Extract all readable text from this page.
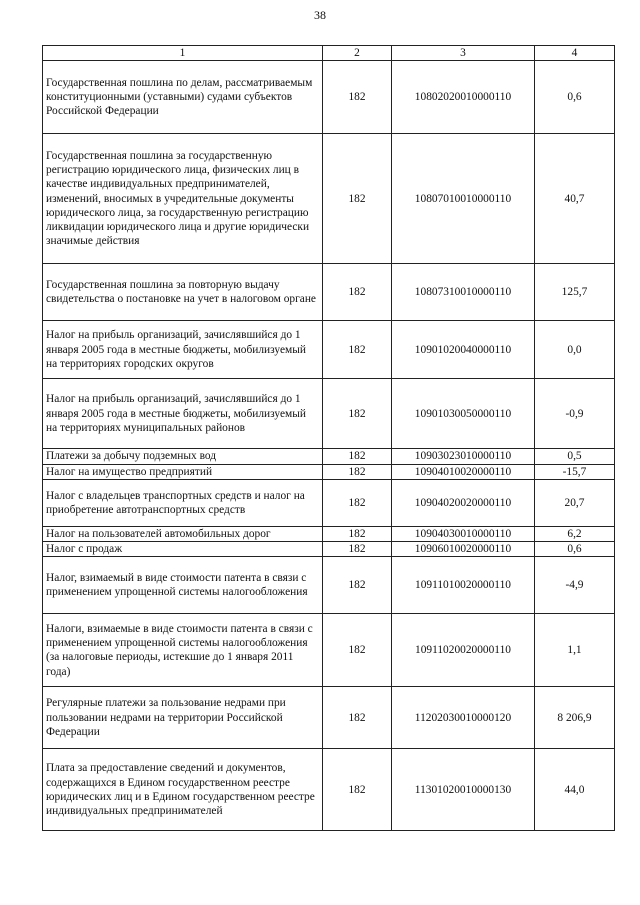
38
1	2	3	4
Государственная пошлина по делам, рассматриваемым конституционными (уставными) судами субъектов Российской Федерации	182	10802020010000110	0,6
Государственная пошлина за государственную регистрацию юридического лица, физических лиц в качестве индивидуальных предпринимателей, изменений, вносимых в учредительные документы юридического лица, за государственную регистрацию ликвидации юридического лица и другие юридически значимые действия	182	10807010010000110	40,7
Государственная пошлина за повторную выдачу свидетельства о постановке на учет в налоговом органе	182	10807310010000110	125,7
Налог на прибыль организаций, зачислявшийся до 1 января 2005 года в местные бюджеты, мобилизуемый на территориях городских округов	182	10901020040000110	0,0
Налог на прибыль организаций, зачислявшийся до 1 января 2005 года в местные бюджеты, мобилизуемый на территориях муниципальных районов	182	10901030050000110	-0,9
Платежи за добычу подземных вод	182	10903023010000110	0,5
Налог на имущество предприятий	182	10904010020000110	-15,7
Налог с владельцев транспортных средств и налог на приобретение автотранспортных средств	182	10904020020000110	20,7
Налог на пользователей автомобильных дорог	182	10904030010000110	6,2
Налог с продаж	182	10906010020000110	0,6
Налог, взимаемый в виде стоимости патента в связи с применением упрощенной системы налогообложения	182	10911010020000110	-4,9
Налоги, взимаемые в виде стоимости патента в связи с применением упрощенной системы налогообложения (за налоговые периоды, истекшие до 1 января 2011 года)	182	10911020020000110	1,1
Регулярные платежи за пользование недрами при пользовании недрами на территории Российской Федерации	182	11202030010000120	8 206,9
Плата за предоставление сведений и документов, содержащихся в Едином государственном реестре юридических лиц и в Едином государственном реестре индивидуальных предпринимателей	182	11301020010000130	44,0
